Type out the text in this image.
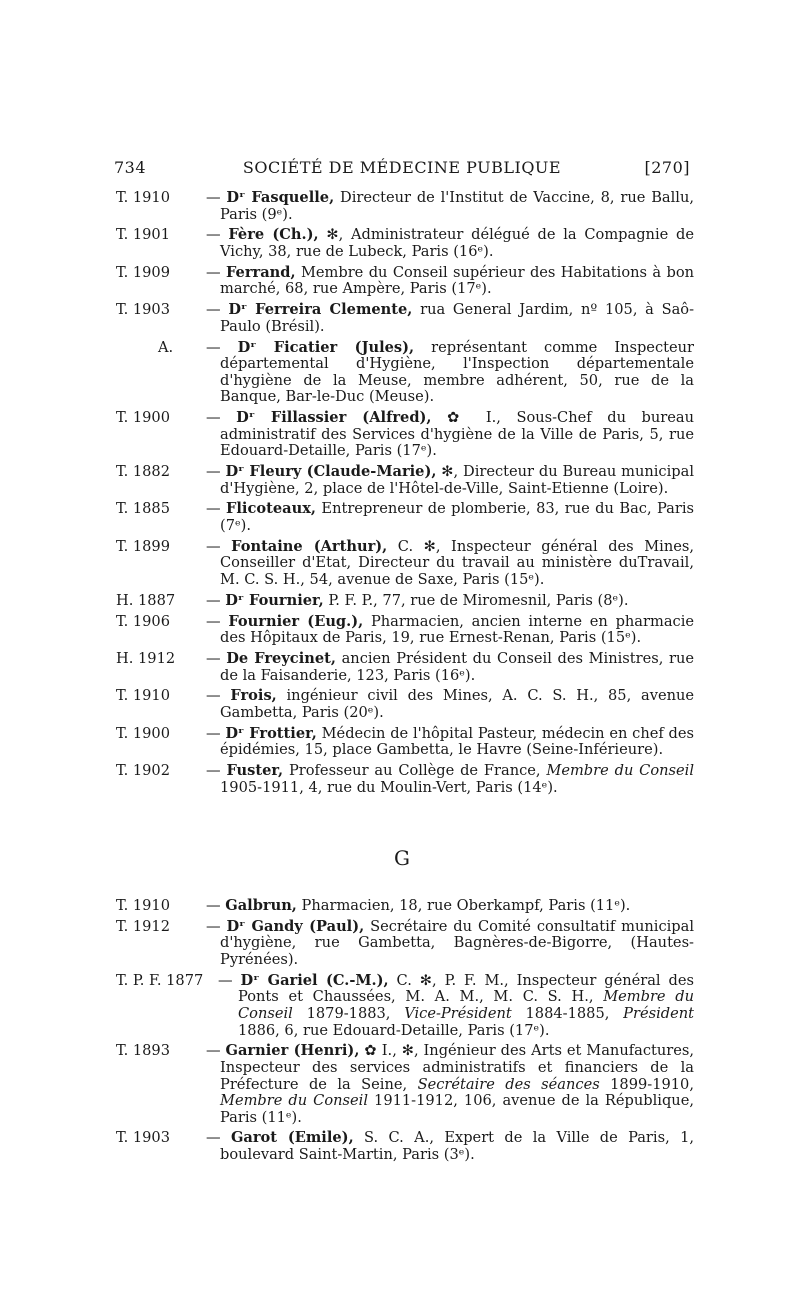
734	SOCIÉTÉ DE MÉDECINE PUBLIQUE	[270]
T. 1910	— Dʳ Fasquelle, Directeur de l'Institut de Vaccine, 8, rue Ballu, Paris (9ᵉ).
T. 1901	— Fère (Ch.), ✻, Administrateur délégué de la Compagnie de Vichy, 38, rue de Lubeck, Paris (16ᵉ).
T. 1909	— Ferrand, Membre du Conseil supérieur des Habitations à bon marché, 68, rue Ampère, Paris (17ᵉ).
T. 1903	— Dʳ Ferreira Clemente, rua General Jardim, nº 105, à Saô-Paulo (Brésil).
A.	— Dʳ Ficatier (Jules), représentant comme Inspecteur départemental d'Hygiène, l'Inspection départementale d'hygiène de la Meuse, membre adhérent, 50, rue de la Banque, Bar-le-Duc (Meuse).
T. 1900	— Dʳ Fillassier (Alfred), ✿ I., Sous-Chef du bureau administratif des Services d'hygiène de la Ville de Paris, 5, rue Edouard-Detaille, Paris (17ᵉ).
T. 1882	— Dʳ Fleury (Claude-Marie), ✻, Directeur du Bureau municipal d'Hygiène, 2, place de l'Hôtel-de-Ville, Saint-Etienne (Loire).
T. 1885	— Flicoteaux, Entrepreneur de plomberie, 83, rue du Bac, Paris (7ᵉ).
T. 1899	— Fontaine (Arthur), C. ✻, Inspecteur général des Mines, Conseiller d'Etat, Directeur du travail au ministère duTravail, M. C. S. H., 54, avenue de Saxe, Paris (15ᵉ).
H. 1887	— Dʳ Fournier, P. F. P., 77, rue de Miromesnil, Paris (8ᵉ).
T. 1906	— Fournier (Eug.), Pharmacien, ancien interne en pharmacie des Hôpitaux de Paris, 19, rue Ernest-Renan, Paris (15ᵉ).
H. 1912	— De Freycinet, ancien Président du Conseil des Ministres, rue de la Faisanderie, 123, Paris (16ᵉ).
T. 1910	— Frois, ingénieur civil des Mines, A. C. S. H., 85, avenue Gambetta, Paris (20ᵉ).
T. 1900	— Dʳ Frottier, Médecin de l'hôpital Pasteur, médecin en chef des épidémies, 15, place Gambetta, le Havre (Seine-Inférieure).
T. 1902	— Fuster, Professeur au Collège de France, Membre du Conseil 1905-1911, 4, rue du Moulin-Vert, Paris (14ᵉ).
G
T. 1910	— Galbrun, Pharmacien, 18, rue Oberkampf, Paris (11ᵉ).
T. 1912	— Dʳ Gandy (Paul), Secrétaire du Comité consultatif municipal d'hygiène, rue Gambetta, Bagnères-de-Bigorre, (Hautes-Pyrénées).
T. P. F. 1877	— Dʳ Gariel (C.-M.), C. ✻, P. F. M., Inspecteur général des Ponts et Chaussées, M. A. M., M. C. S. H., Membre du Conseil 1879-1883, Vice-Président 1884-1885, Président 1886, 6, rue Edouard-Detaille, Paris (17ᵉ).
T. 1893	— Garnier (Henri), ✿ I., ✻, Ingénieur des Arts et Manufactures, Inspecteur des services administratifs et financiers de la Préfecture de la Seine, Secrétaire des séances 1899-1910, Membre du Conseil 1911-1912, 106, avenue de la République, Paris (11ᵉ).
T. 1903	— Garot (Emile), S. C. A., Expert de la Ville de Paris, 1, boulevard Saint-Martin, Paris (3ᵉ).
